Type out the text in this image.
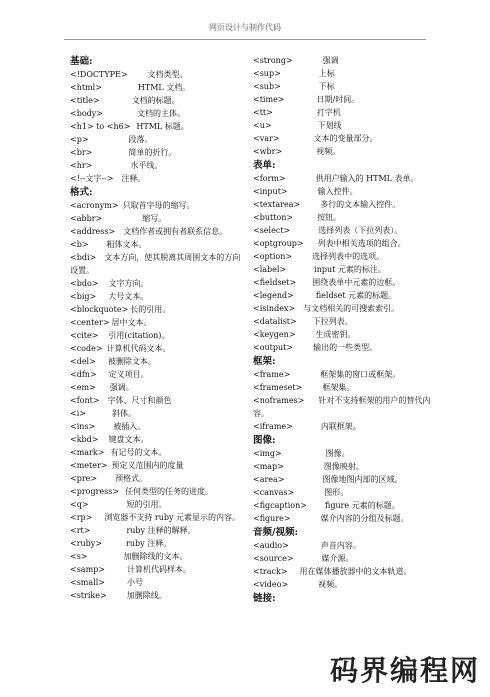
网页设计与制作代码
基础:
<!DOCTYPE>	文档类型。
<html>	HTML 文档。
<title>	文档的标题。
<body>	文档的主体。
<h1> to <h6> HTML 标题。
<p>	段落。
<br>	简单的折行。
<hr>	水平线。
<!--文字--> 注释。
格式:
<acronym> 只取首字母的缩写。
<abbr>	缩写。
<address> 文档作者或拥有者联系信息。
<b> 粗体文本。
<bdi> 文本方向，使其脱离其周围文本的方向设置。
<bdo> 文字方向。
<big> 大号文本。
<blockquote> 长的引用。
<center> 居中文本。
<cite> 引用(citation)。
<code> 计算机代码文本。
<del> 被删除文本。
<dfn> 定义项目。
<em> 强调。
<font> 字体、尺寸和颜色
<i>	斜体。
<ins> 被插入。
<kbd> 键盘文本。
<mark> 有记号的文本。
<meter> 预定义范围内的度量
<pre> 预格式。
<progress> 任何类型的任务的进度。
<q>	短的引用。
<rp> 浏览器不支持 ruby 元素显示的内容。
<rt>	ruby 注释的解释。
<ruby>	ruby 注释。
<s>	加删除线的文本。
<samp>	计算机代码样本。
<small>	小号
<strike>	加删除线。
<strong>	强调
<sup>	上标
<sub>	下标
<time>	日期/时间。
<tt>	打字机
<u>	下划线
<var>	文本的变量部分。
<wbr>	视频。
表单:
<form>	供用户输入的 HTML 表单。
<input>	输入控件。
<textarea>	多行的文本输入控件。
<button>	按钮。
<select>	选择列表（下拉列表）。
<optgroup> 列表中相关选项的组合。
<option>	选择列表中的选项。
<label>	input 元素的标注。
<fieldset> 围绕表单中元素的边框。
<legend>	fieldset 元素的标题。
<isindex> 与文档相关的可搜索索引。
<datalist> 下拉列表。
<keygen>	生成密钥。
<output>	输出的一些类型。
框架:
<frame>	框架集的窗口或框架。
<frameset>	框架集。
<noframes> 针对不支持框架的用户的替代内容。
<iframe>	内联框架。
图像:
<img>	图像。
<map>	图像映射。
<area>	图像地图内部的区域。
<canvas>	图形。
<figcaption> figure 元素的标题。
<figure>	媒介内容的分组及标题。
音频/视频:
<audio>	声音内容。
<source>	媒介源。
<track> 用在媒体播放器中的文本轨道。
<video>	视频。
链接:
码界编程网
